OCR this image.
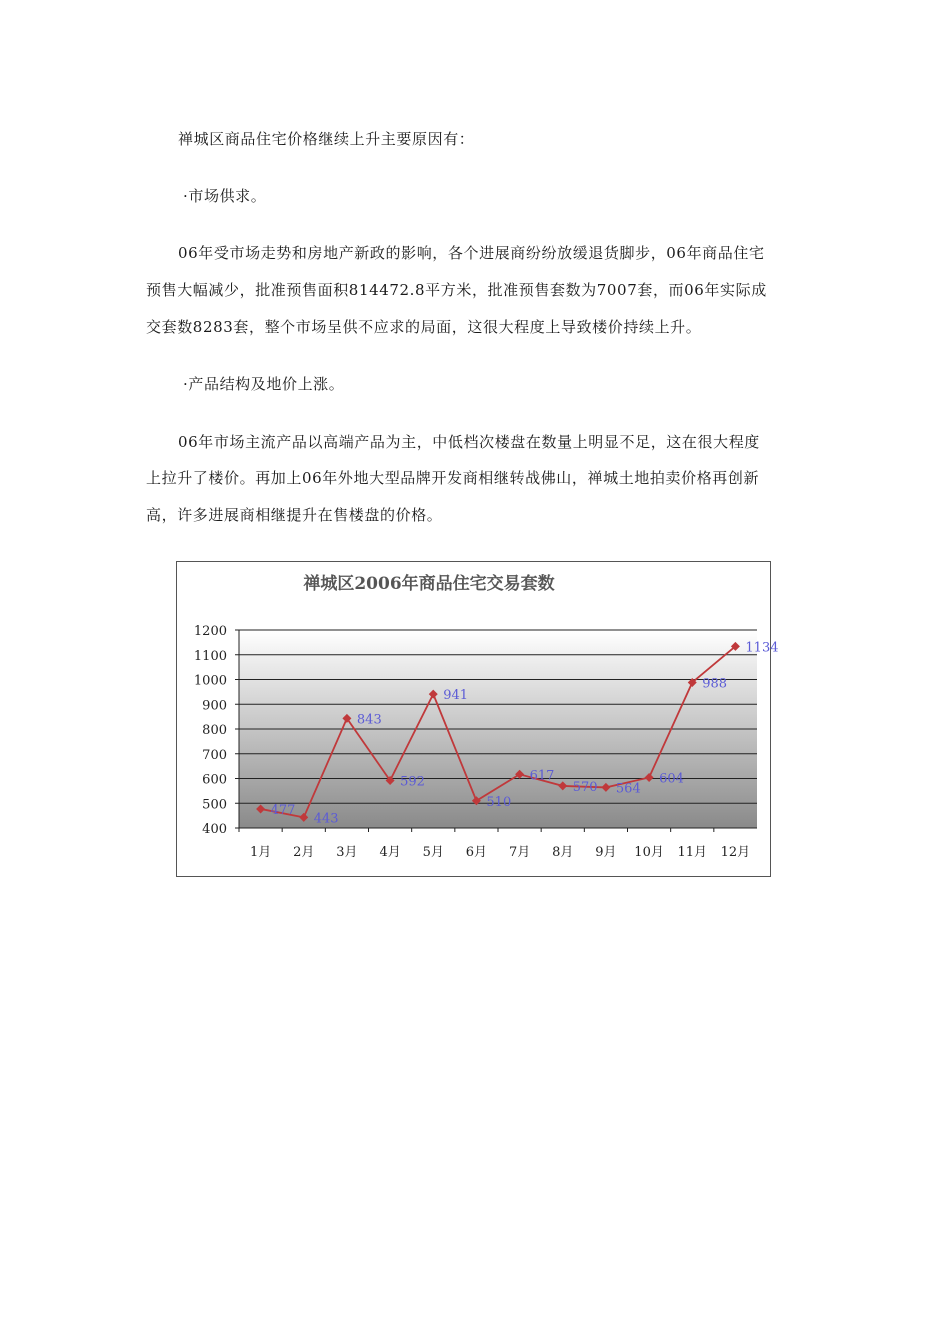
禅城区商品住宅价格继续上升主要原因有：
·市场供求。
06年受市场走势和房地产新政的影响，各个进展商纷纷放缓退货脚步，06年商品住宅
预售大幅减少，批准预售面积814472.8平方米，批准预售套数为7007套，而06年实际成
交套数8283套，整个市场呈供不应求的局面，这很大程度上导致楼价持续上升。
·产品结构及地价上涨。
06年市场主流产品以高端产品为主，中低档次楼盘在数量上明显不足，这在很大程度
上拉升了楼价。再加上06年外地大型品牌开发商相继转战佛山，禅城土地拍卖价格再创新
高，许多进展商相继提升在售楼盘的价格。
禅城区2006年商品住宅交易套数
400
500
600
700
800
900
1000
1100
1200
1月 2月 3月 4月 5月 6月 7月 8月 9月 10月 11月 12月
477
443
843
592
941
510
617
570 564
604
988
1134
